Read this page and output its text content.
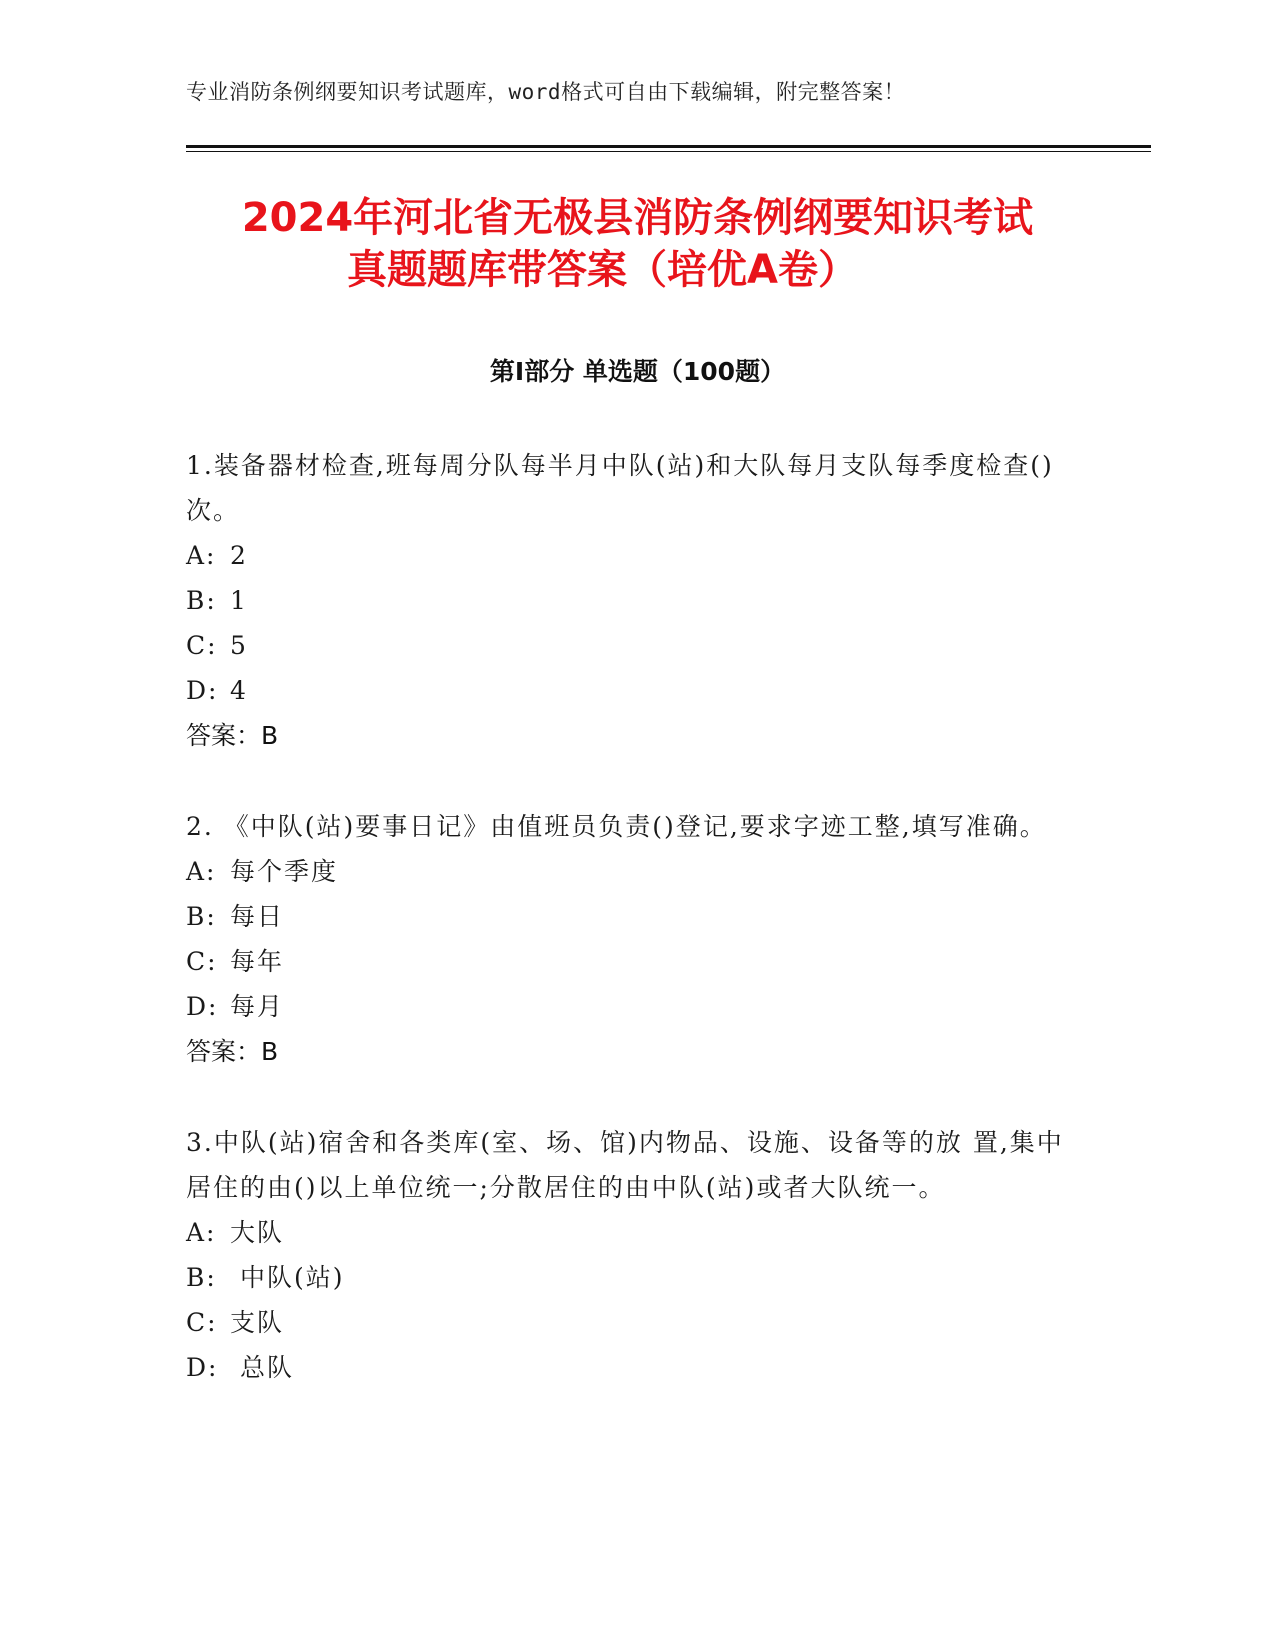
专业消防条例纲要知识考试题库，word格式可自由下载编辑，附完整答案！
2024年河北省无极县消防条例纲要知识考试

真题题库带答案（培优A卷）
第Ⅰ部分 单选题（100题）

1.装备器材检查,班每周分队每半月中队(站)和大队每月支队每季度检查()次。

A: 2
B: 1
C: 5
D: 4
答案：B

2. 《中队(站)要事日记》由值班员负责()登记,要求字迹工整,填写准确。

A: 每个季度
B: 每日
C: 每年
D: 每月
答案：B

3.中队(站)宿舍和各类库(室、场、馆)内物品、设施、设备等的放 置,集中居住的由()以上单位统一;分散居住的由中队(站)或者大队统一。

A: 大队
B: 中队(站)
C: 支队
D: 总队
